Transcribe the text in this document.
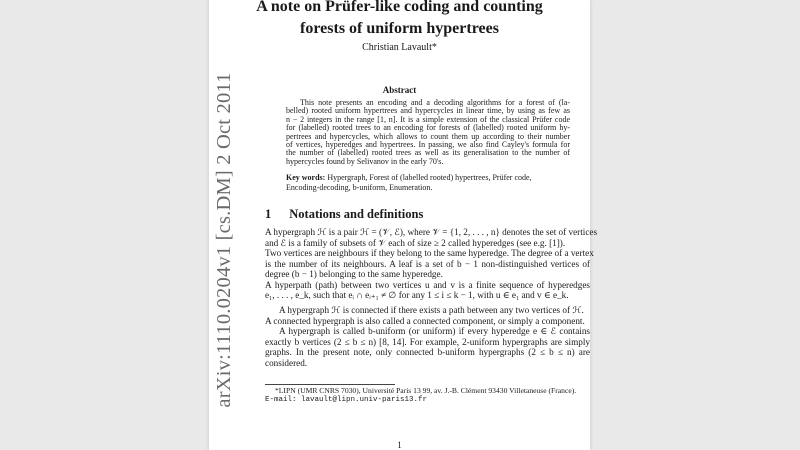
arXiv:1110.0204v1 [cs.DM] 2 Oct 2011
A note on Prüfer-like coding and counting
forests of uniform hypertrees
Christian Lavault*
Abstract
This note presents an encoding and a decoding algorithms for a forest of (la-
belled) rooted uniform hypertrees and hypercycles in linear time, by using as few as
n − 2 integers in the range [1, n]. It is a simple extension of the classical Prüfer code
for (labelled) rooted trees to an encoding for forests of (labelled) rooted uniform hy-
pertrees and hypercycles, which allows to count them up according to their number
of vertices, hyperedges and hypertrees. In passing, we also find Cayley's formula for
the number of (labelled) rooted trees as well as its generalisation to the number of
hypercycles found by Selivanov in the early 70's.
Key words: Hypergraph, Forest of (labelled rooted) hypertrees, Prüfer code,
Encoding-decoding, b-uniform, Enumeration.
1 Notations and definitions
A hypergraph ℋ is a pair ℋ = (𝒱, ℰ), where 𝒱 = {1, 2, . . . , n} denotes the set of vertices
and ℰ is a family of subsets of 𝒱 each of size ≥ 2 called hyperedges (see e.g. [1]).
Two vertices are neighbours if they belong to the same hyperedge. The degree of a vertex
is the number of its neighbours. A leaf is a set of b − 1 non-distinguished vertices of
degree (b − 1) belonging to the same hyperedge.
A hyperpath (path) between two vertices u and v is a finite sequence of hyperedges
e₁, . . . , e_k, such that eᵢ ∩ eᵢ₊₁ ≠ ∅ for any 1 ≤ i ≤ k − 1, with u ∈ e₁ and v ∈ e_k.
A hypergraph ℋ is connected if there exists a path between any two vertices of ℋ.
A connected hypergraph is also called a connected component, or simply a component.
A hypergraph is called b-uniform (or uniform) if every hyperedge e ∈ ℰ contains
exactly b vertices (2 ≤ b ≤ n) [8, 14]. For example, 2-uniform hypergraphs are simply
graphs. In the present note, only connected b-uniform hypergraphs (2 ≤ b ≤ n) are
considered.
*LIPN (UMR CNRS 7030), Université Paris 13 99, av. J.-B. Clément 93430 Villetaneuse (France).
E-mail: lavault@lipn.univ-paris13.fr
1
